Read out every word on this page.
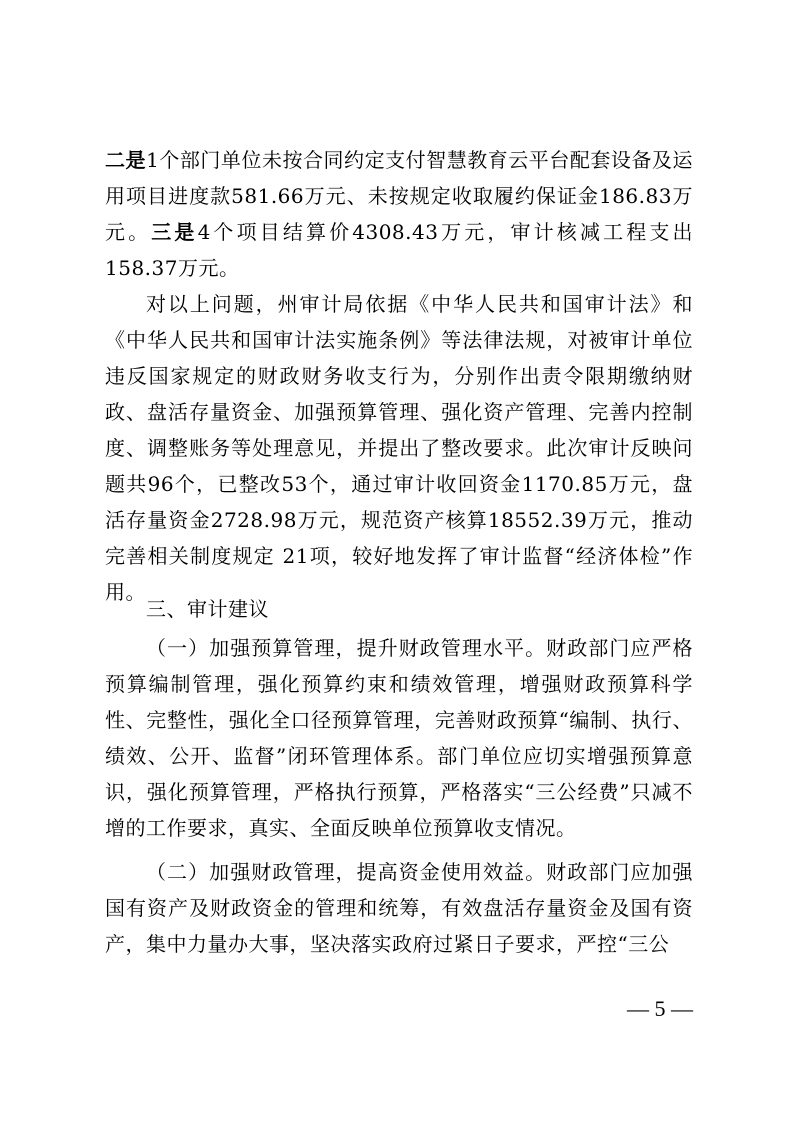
二是1个部门单位未按合同约定支付智慧教育云平台配套设备及运用项目进度款581.66万元、未按规定收取履约保证金186.83万元。三是4个项目结算价4308.43万元，审计核减工程支出158.37万元。

对以上问题，州审计局依据《中华人民共和国审计法》和《中华人民共和国审计法实施条例》等法律法规，对被审计单位违反国家规定的财政财务收支行为，分别作出责令限期缴纳财政、盘活存量资金、加强预算管理、强化资产管理、完善内控制度、调整账务等处理意见，并提出了整改要求。此次审计反映问题共96个，已整改53个，通过审计收回资金1170.85万元，盘活存量资金2728.98万元，规范资产核算18552.39万元，推动完善相关制度规定 21项，较好地发挥了审计监督“经济体检”作用。

三、审计建议

（一）加强预算管理，提升财政管理水平。财政部门应严格预算编制管理，强化预算约束和绩效管理，增强财政预算科学性、完整性，强化全口径预算管理，完善财政预算“编制、执行、绩效、公开、监督”闭环管理体系。部门单位应切实增强预算意识，强化预算管理，严格执行预算，严格落实“三公经费”只减不增的工作要求，真实、全面反映单位预算收支情况。

（二）加强财政管理，提高资金使用效益。财政部门应加强国有资产及财政资金的管理和统筹，有效盘活存量资金及国有资产，集中力量办大事，坚决落实政府过紧日子要求，严控“三公

— 5 —
